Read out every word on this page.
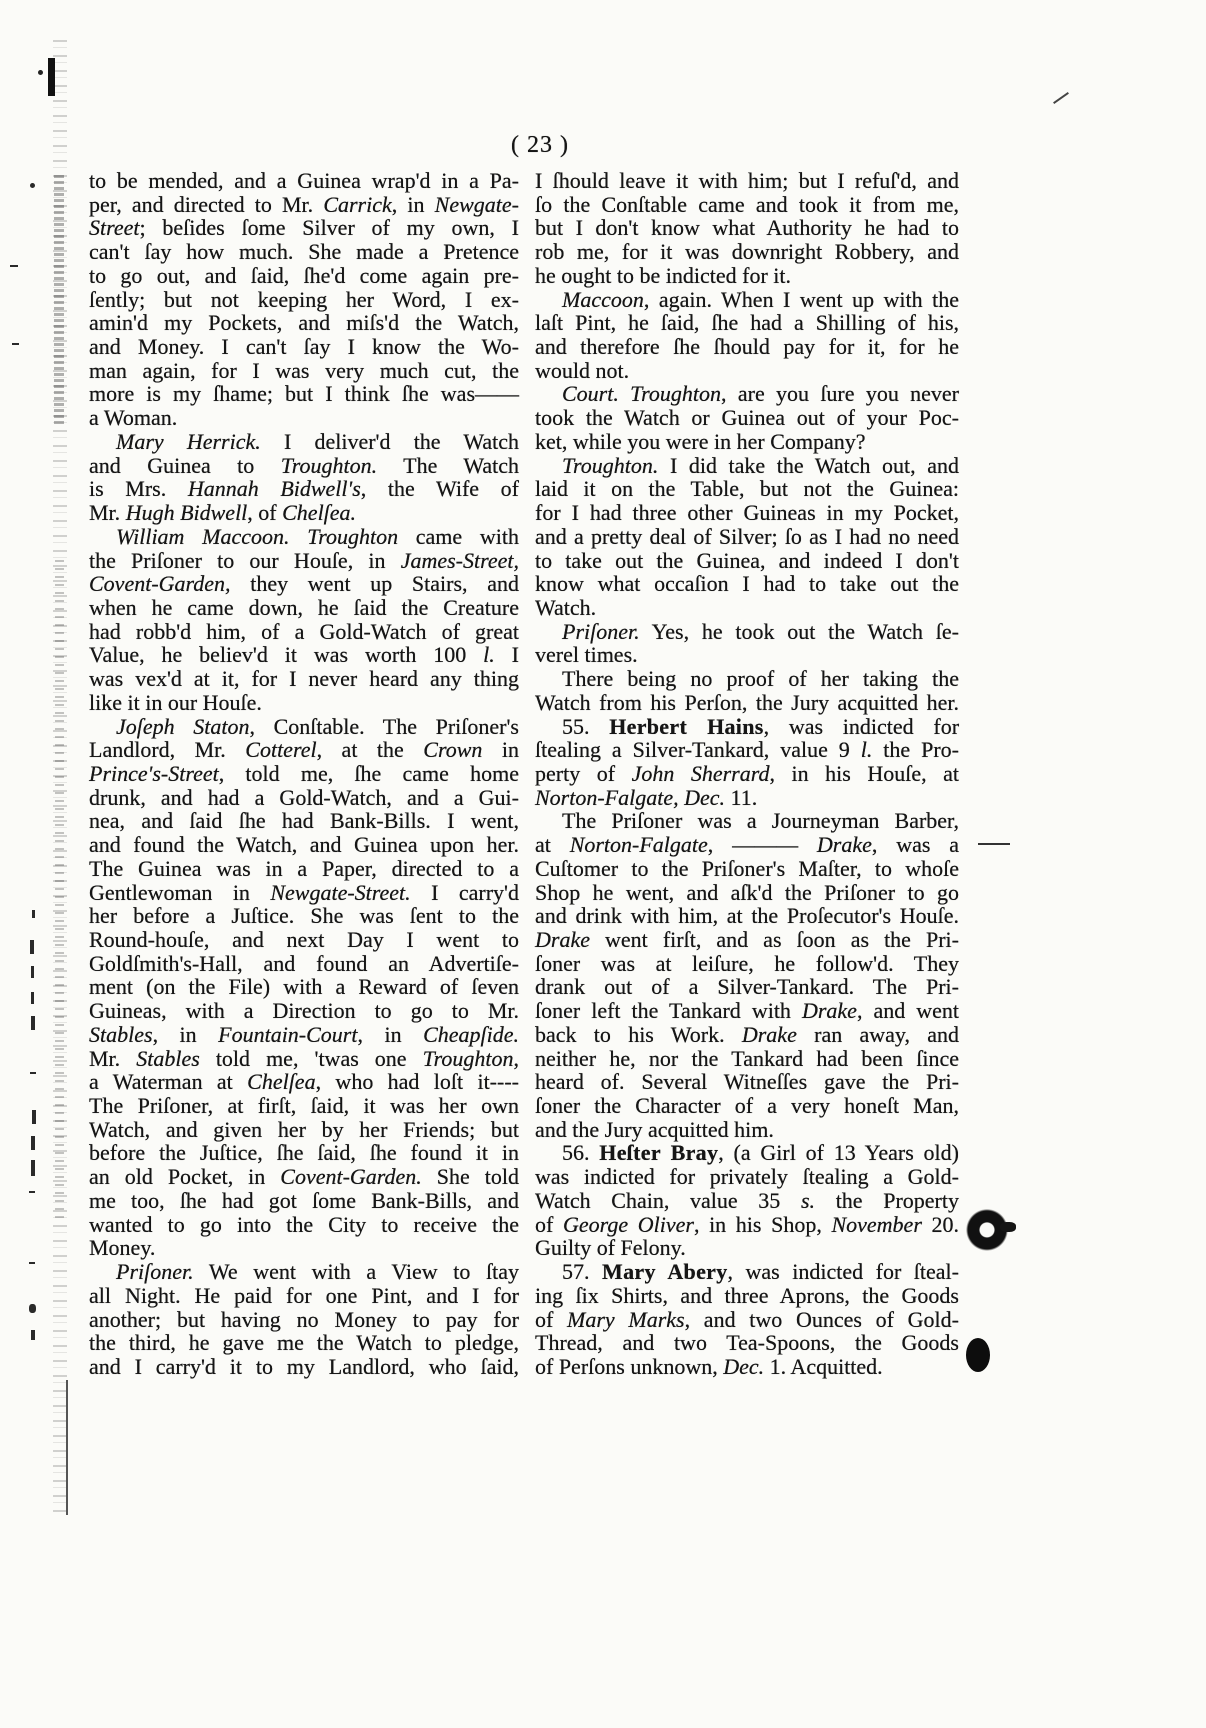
( 23 )
to be mended, and a Guinea wrap'd in a Pa-
per, and directed to Mr. Carrick, in Newgate-
Street; beſides ſome Silver of my own, I
can't ſay how much. She made a Pretence
to go out, and ſaid, ſhe'd come again pre-
ſently; but not keeping her Word, I ex-
amin'd my Pockets, and miſs'd the Watch,
and Money. I can't ſay I know the Wo-
man again, for I was very much cut, the
more is my ſhame; but I think ſhe was——
a Woman.
Mary Herrick. I deliver'd the Watch
and Guinea to Troughton. The Watch
is Mrs. Hannah Bidwell's, the Wife of
Mr. Hugh Bidwell, of Chelſea.
William Maccoon. Troughton came with
the Priſoner to our Houſe, in James-Street,
Covent-Garden, they went up Stairs, and
when he came down, he ſaid the Creature
had robb'd him, of a Gold-Watch of great
Value, he believ'd it was worth 100 l. I
was vex'd at it, for I never heard any thing
like it in our Houſe.
Joſeph Staton, Conſtable. The Priſoner's
Landlord, Mr. Cotterel, at the Crown in
Prince's-Street, told me, ſhe came home
drunk, and had a Gold-Watch, and a Gui-
nea, and ſaid ſhe had Bank-Bills. I went,
and found the Watch, and Guinea upon her.
The Guinea was in a Paper, directed to a
Gentlewoman in Newgate-Street. I carry'd
her before a Juſtice. She was ſent to the
Round-houſe, and next Day I went to
Goldſmith's-Hall, and found an Advertiſe-
ment (on the File) with a Reward of ſeven
Guineas, with a Direction to go to Mr.
Stables, in Fountain-Court, in Cheapſide.
Mr. Stables told me, 'twas one Troughton,
a Waterman at Chelſea, who had loſt it----
The Priſoner, at firſt, ſaid, it was her own
Watch, and given her by her Friends; but
before the Juſtice, ſhe ſaid, ſhe found it in
an old Pocket, in Covent-Garden. She told
me too, ſhe had got ſome Bank-Bills, and
wanted to go into the City to receive the
Money.
Priſoner. We went with a View to ſtay
all Night. He paid for one Pint, and I for
another; but having no Money to pay for
the third, he gave me the Watch to pledge,
and I carry'd it to my Landlord, who ſaid,
I ſhould leave it with him; but I refuſ'd, and
ſo the Conſtable came and took it from me,
but I don't know what Authority he had to
rob me, for it was downright Robbery, and
he ought to be indicted for it.
Maccoon, again. When I went up with the
laſt Pint, he ſaid, ſhe had a Shilling of his,
and therefore ſhe ſhould pay for it, for he
would not.
Court. Troughton, are you ſure you never
took the Watch or Guinea out of your Poc-
ket, while you were in her Company?
Troughton. I did take the Watch out, and
laid it on the Table, but not the Guinea:
for I had three other Guineas in my Pocket,
and a pretty deal of Silver; ſo as I had no need
to take out the Guinea, and indeed I don't
know what occaſion I had to take out the
Watch.
Priſoner. Yes, he took out the Watch ſe-
verel times.
There being no proof of her taking the
Watch from his Perſon, the Jury acquitted her.
55. Herbert Hains, was indicted for
ſtealing a Silver-Tankard, value 9 l. the Pro-
perty of John Sherrard, in his Houſe, at
Norton-Falgate, Dec. 11.
The Priſoner was a Journeyman Barber,
at Norton-Falgate, ——— Drake, was a
Cuſtomer to the Priſoner's Maſter, to whoſe
Shop he went, and aſk'd the Priſoner to go
and drink with him, at the Proſecutor's Houſe.
Drake went firſt, and as ſoon as the Pri-
ſoner was at leiſure, he follow'd. They
drank out of a Silver-Tankard. The Pri-
ſoner left the Tankard with Drake, and went
back to his Work. Drake ran away, and
neither he, nor the Tankard had been ſince
heard of. Several Witneſſes gave the Pri-
ſoner the Character of a very honeſt Man,
and the Jury acquitted him.
56. Heſter Bray, (a Girl of 13 Years old)
was indicted for privately ſtealing a Gold-
Watch Chain, value 35 s. the Property
of George Oliver, in his Shop, November 20.
Guilty of Felony.
57. Mary Abery, was indicted for ſteal-
ing ſix Shirts, and three Aprons, the Goods
of Mary Marks, and two Ounces of Gold-
Thread, and two Tea-Spoons, the Goods
of Perſons unknown, Dec. 1. Acquitted.
